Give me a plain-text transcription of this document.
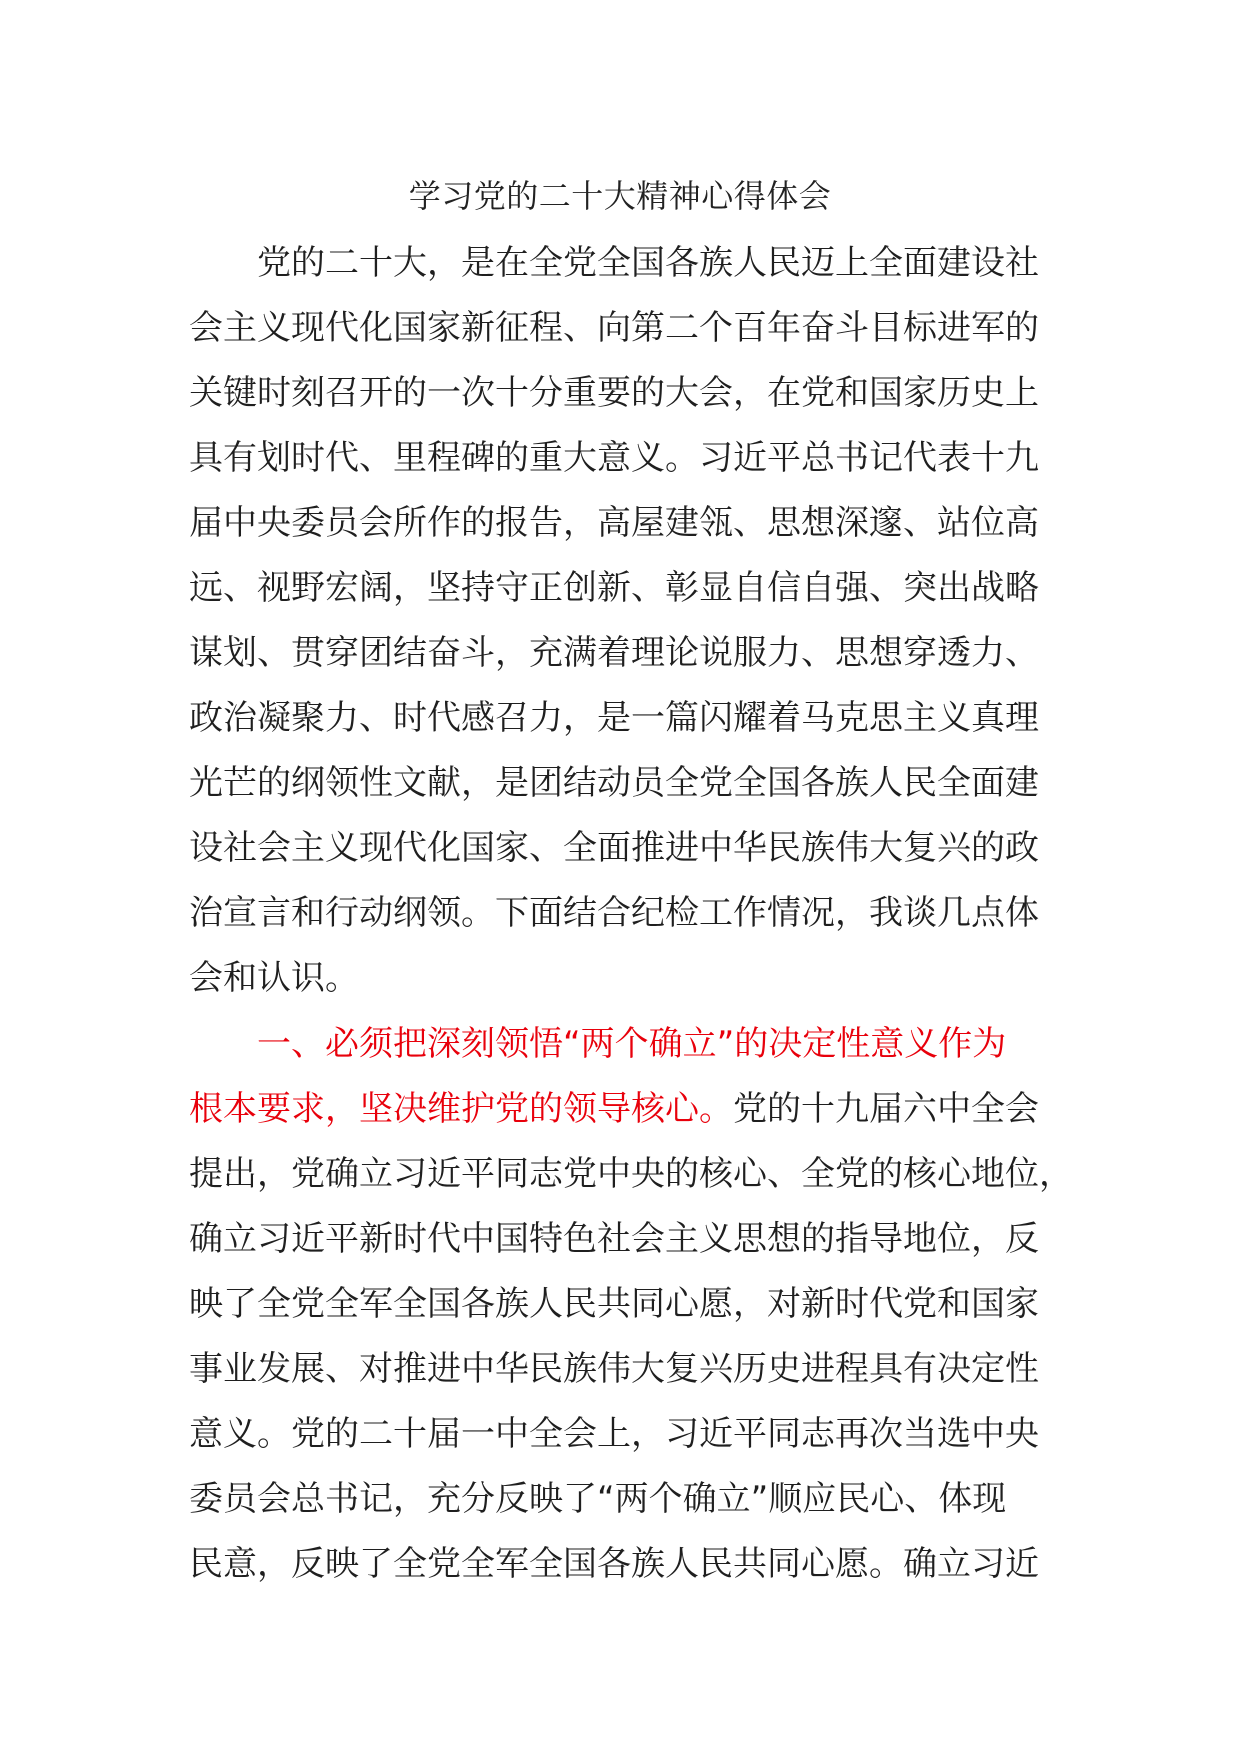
学习党的二十大精神心得体会
　　党的二十大，是在全党全国各族人民迈上全面建设社
会主义现代化国家新征程、向第二个百年奋斗目标进军的
关键时刻召开的一次十分重要的大会，在党和国家历史上
具有划时代、里程碑的重大意义。习近平总书记代表十九
届中央委员会所作的报告，高屋建瓴、思想深邃、站位高
远、视野宏阔，坚持守正创新、彰显自信自强、突出战略
谋划、贯穿团结奋斗，充满着理论说服力、思想穿透力、
政治凝聚力、时代感召力，是一篇闪耀着马克思主义真理
光芒的纲领性文献，是团结动员全党全国各族人民全面建
设社会主义现代化国家、全面推进中华民族伟大复兴的政
治宣言和行动纲领。下面结合纪检工作情况，我谈几点体
会和认识。
　　一、必须把深刻领悟“两个确立”的决定性意义作为
根本要求，坚决维护党的领导核心。党的十九届六中全会
提出，党确立习近平同志党中央的核心、全党的核心地位，
确立习近平新时代中国特色社会主义思想的指导地位，反
映了全党全军全国各族人民共同心愿，对新时代党和国家
事业发展、对推进中华民族伟大复兴历史进程具有决定性
意义。党的二十届一中全会上，习近平同志再次当选中央
委员会总书记，充分反映了“两个确立”顺应民心、体现
民意，反映了全党全军全国各族人民共同心愿。确立习近
